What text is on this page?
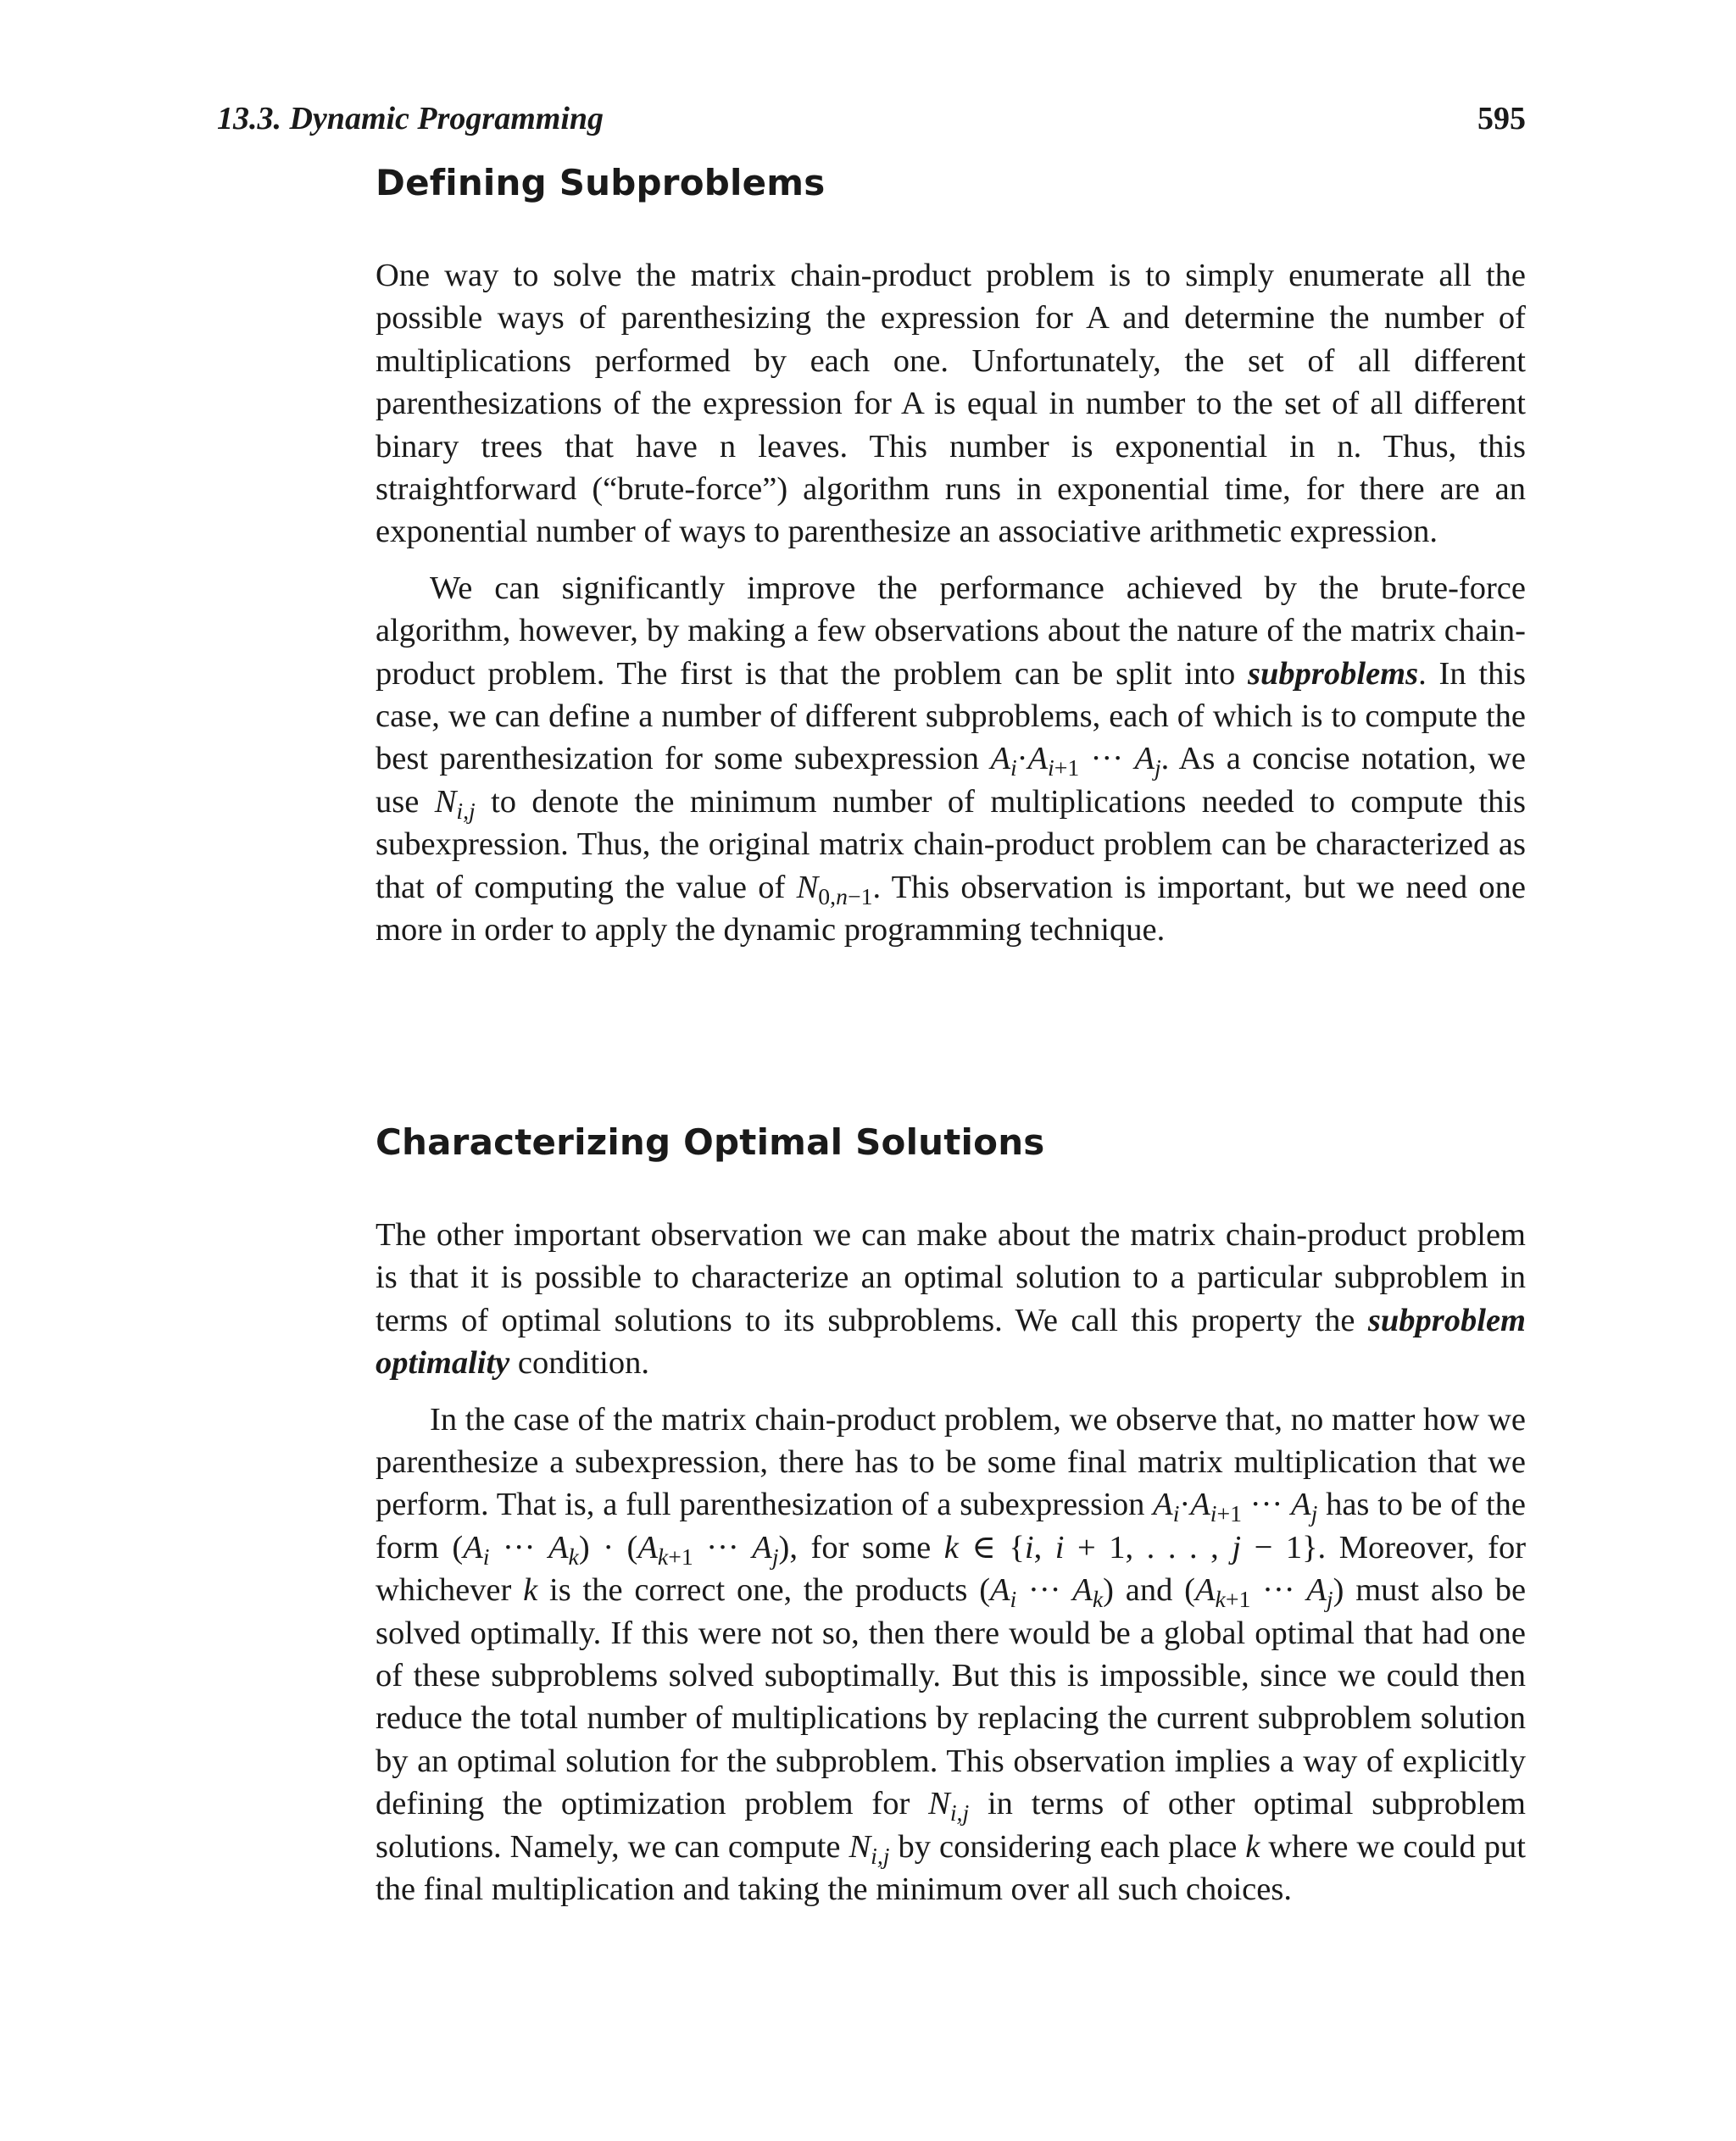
13.3. Dynamic Programming	595
Defining Subproblems

One way to solve the matrix chain-product problem is to simply enumerate all the possible ways of parenthesizing the expression for A and determine the number of multiplications performed by each one. Unfortunately, the set of all different parenthesizations of the expression for A is equal in number to the set of all different binary trees that have n leaves. This number is exponential in n. Thus, this straightforward (“brute-force”) algorithm runs in exponential time, for there are an exponential number of ways to parenthesize an associative arithmetic expression.

We can significantly improve the performance achieved by the brute-force algorithm, however, by making a few observations about the nature of the matrix chain-product problem. The first is that the problem can be split into subproblems. In this case, we can define a number of different subproblems, each of which is to compute the best parenthesization for some subexpression $A_i\cdot A_{i+1}$ ··· $A_j$. As a concise notation, we use $N_{i,j}$ to denote the minimum number of multiplications needed to compute this subexpression. Thus, the original matrix chain-product problem can be characterized as that of computing the value of $N_{0,n-1}$. This observation is important, but we need one more in order to apply the dynamic programming technique.

Characterizing Optimal Solutions

The other important observation we can make about the matrix chain-product problem is that it is possible to characterize an optimal solution to a particular subproblem in terms of optimal solutions to its subproblems. We call this property the subproblem optimality condition.

In the case of the matrix chain-product problem, we observe that, no matter how we parenthesize a subexpression, there has to be some final matrix multiplication that we perform. That is, a full parenthesization of a subexpression $A_i\cdot A_{i+1}$ ··· $A_j$ has to be of the form ($A_i$ ··· $A_k) \cdot (A_{k+1}$ ··· $A_j$), for some k ∈ {i, i + 1, . . . , j − 1}. Moreover, for whichever k is the correct one, the products ($A_i$ ··· $A_k$) and ($A_{k+1}$ ··· $A_j$) must also be solved optimally. If this were not so, then there would be a global optimal that had one of these subproblems solved suboptimally. But this is impossible, since we could then reduce the total number of multiplications by replacing the current subproblem solution by an optimal solution for the subproblem. This observation implies a way of explicitly defining the optimization problem for $N_{i,j}$ in terms of other optimal subproblem solutions. Namely, we can compute $N_{i,j}$ by considering each place k where we could put the final multiplication and taking the minimum over all such choices.
